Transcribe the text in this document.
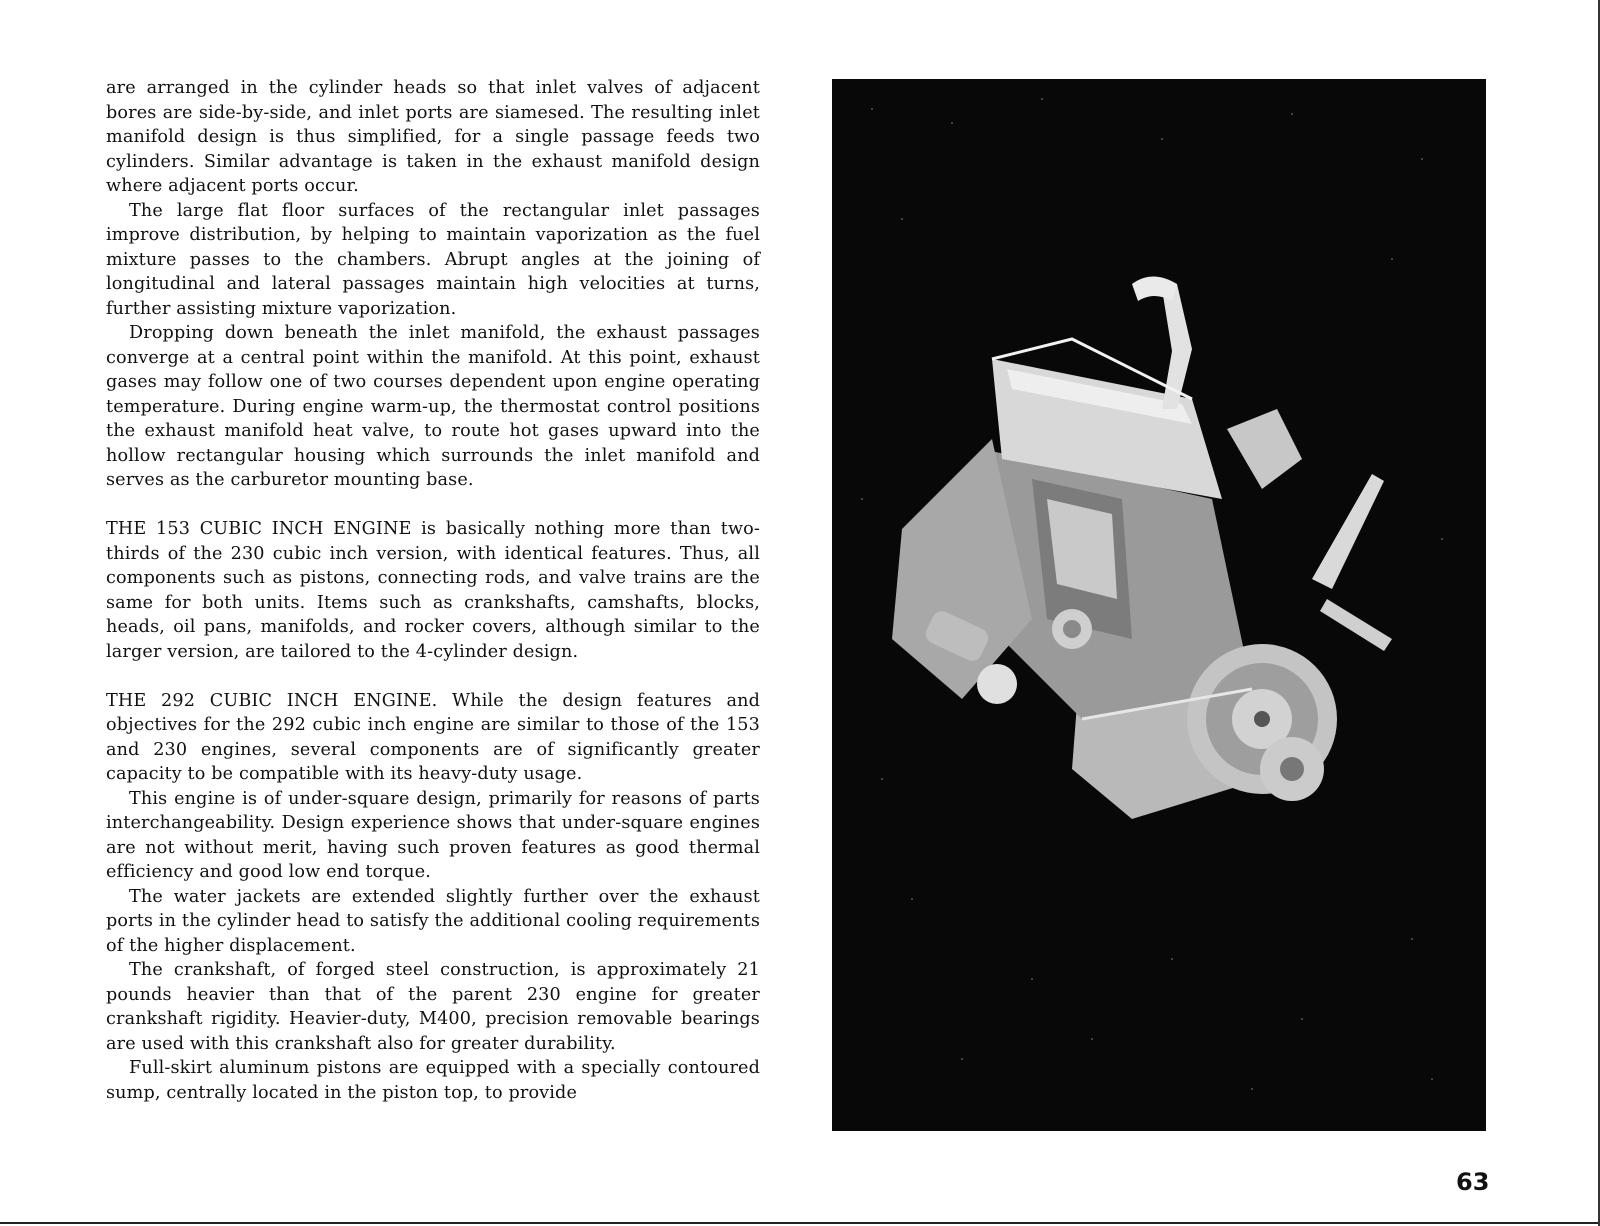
are arranged in the cylinder heads so that inlet valves of adjacent bores are side-by-side, and inlet ports are siamesed. The resulting inlet manifold design is thus simplified, for a single passage feeds two cylinders. Similar advantage is taken in the exhaust manifold design where adjacent ports occur.

The large flat floor surfaces of the rectangular inlet passages improve distribution, by helping to maintain vaporization as the fuel mixture passes to the chambers. Abrupt angles at the joining of longitudinal and lateral passages maintain high velocities at turns, further assisting mixture vaporization.

Dropping down beneath the inlet manifold, the exhaust passages converge at a central point within the manifold. At this point, exhaust gases may follow one of two courses dependent upon engine operating temperature. During engine warm-up, the thermostat control positions the exhaust manifold heat valve, to route hot gases upward into the hollow rectangular housing which surrounds the inlet manifold and serves as the carburetor mounting base.

THE 153 CUBIC INCH ENGINE is basically nothing more than two-thirds of the 230 cubic inch version, with identical features. Thus, all components such as pistons, connecting rods, and valve trains are the same for both units. Items such as crankshafts, camshafts, blocks, heads, oil pans, manifolds, and rocker covers, although similar to the larger version, are tailored to the 4-cylinder design.

THE 292 CUBIC INCH ENGINE. While the design features and objectives for the 292 cubic inch engine are similar to those of the 153 and 230 engines, several components are of significantly greater capacity to be compatible with its heavy-duty usage.

This engine is of under-square design, primarily for reasons of parts interchangeability. Design experience shows that under-square engines are not without merit, having such proven features as good thermal efficiency and good low end torque.

The water jackets are extended slightly further over the exhaust ports in the cylinder head to satisfy the additional cooling requirements of the higher displacement.

The crankshaft, of forged steel construction, is approximately 21 pounds heavier than that of the parent 230 engine for greater crankshaft rigidity. Heavier-duty, M400, precision removable bearings are used with this crankshaft also for greater durability.

Full-skirt aluminum pistons are equipped with a specially contoured sump, centrally located in the piston top, to provide

63
